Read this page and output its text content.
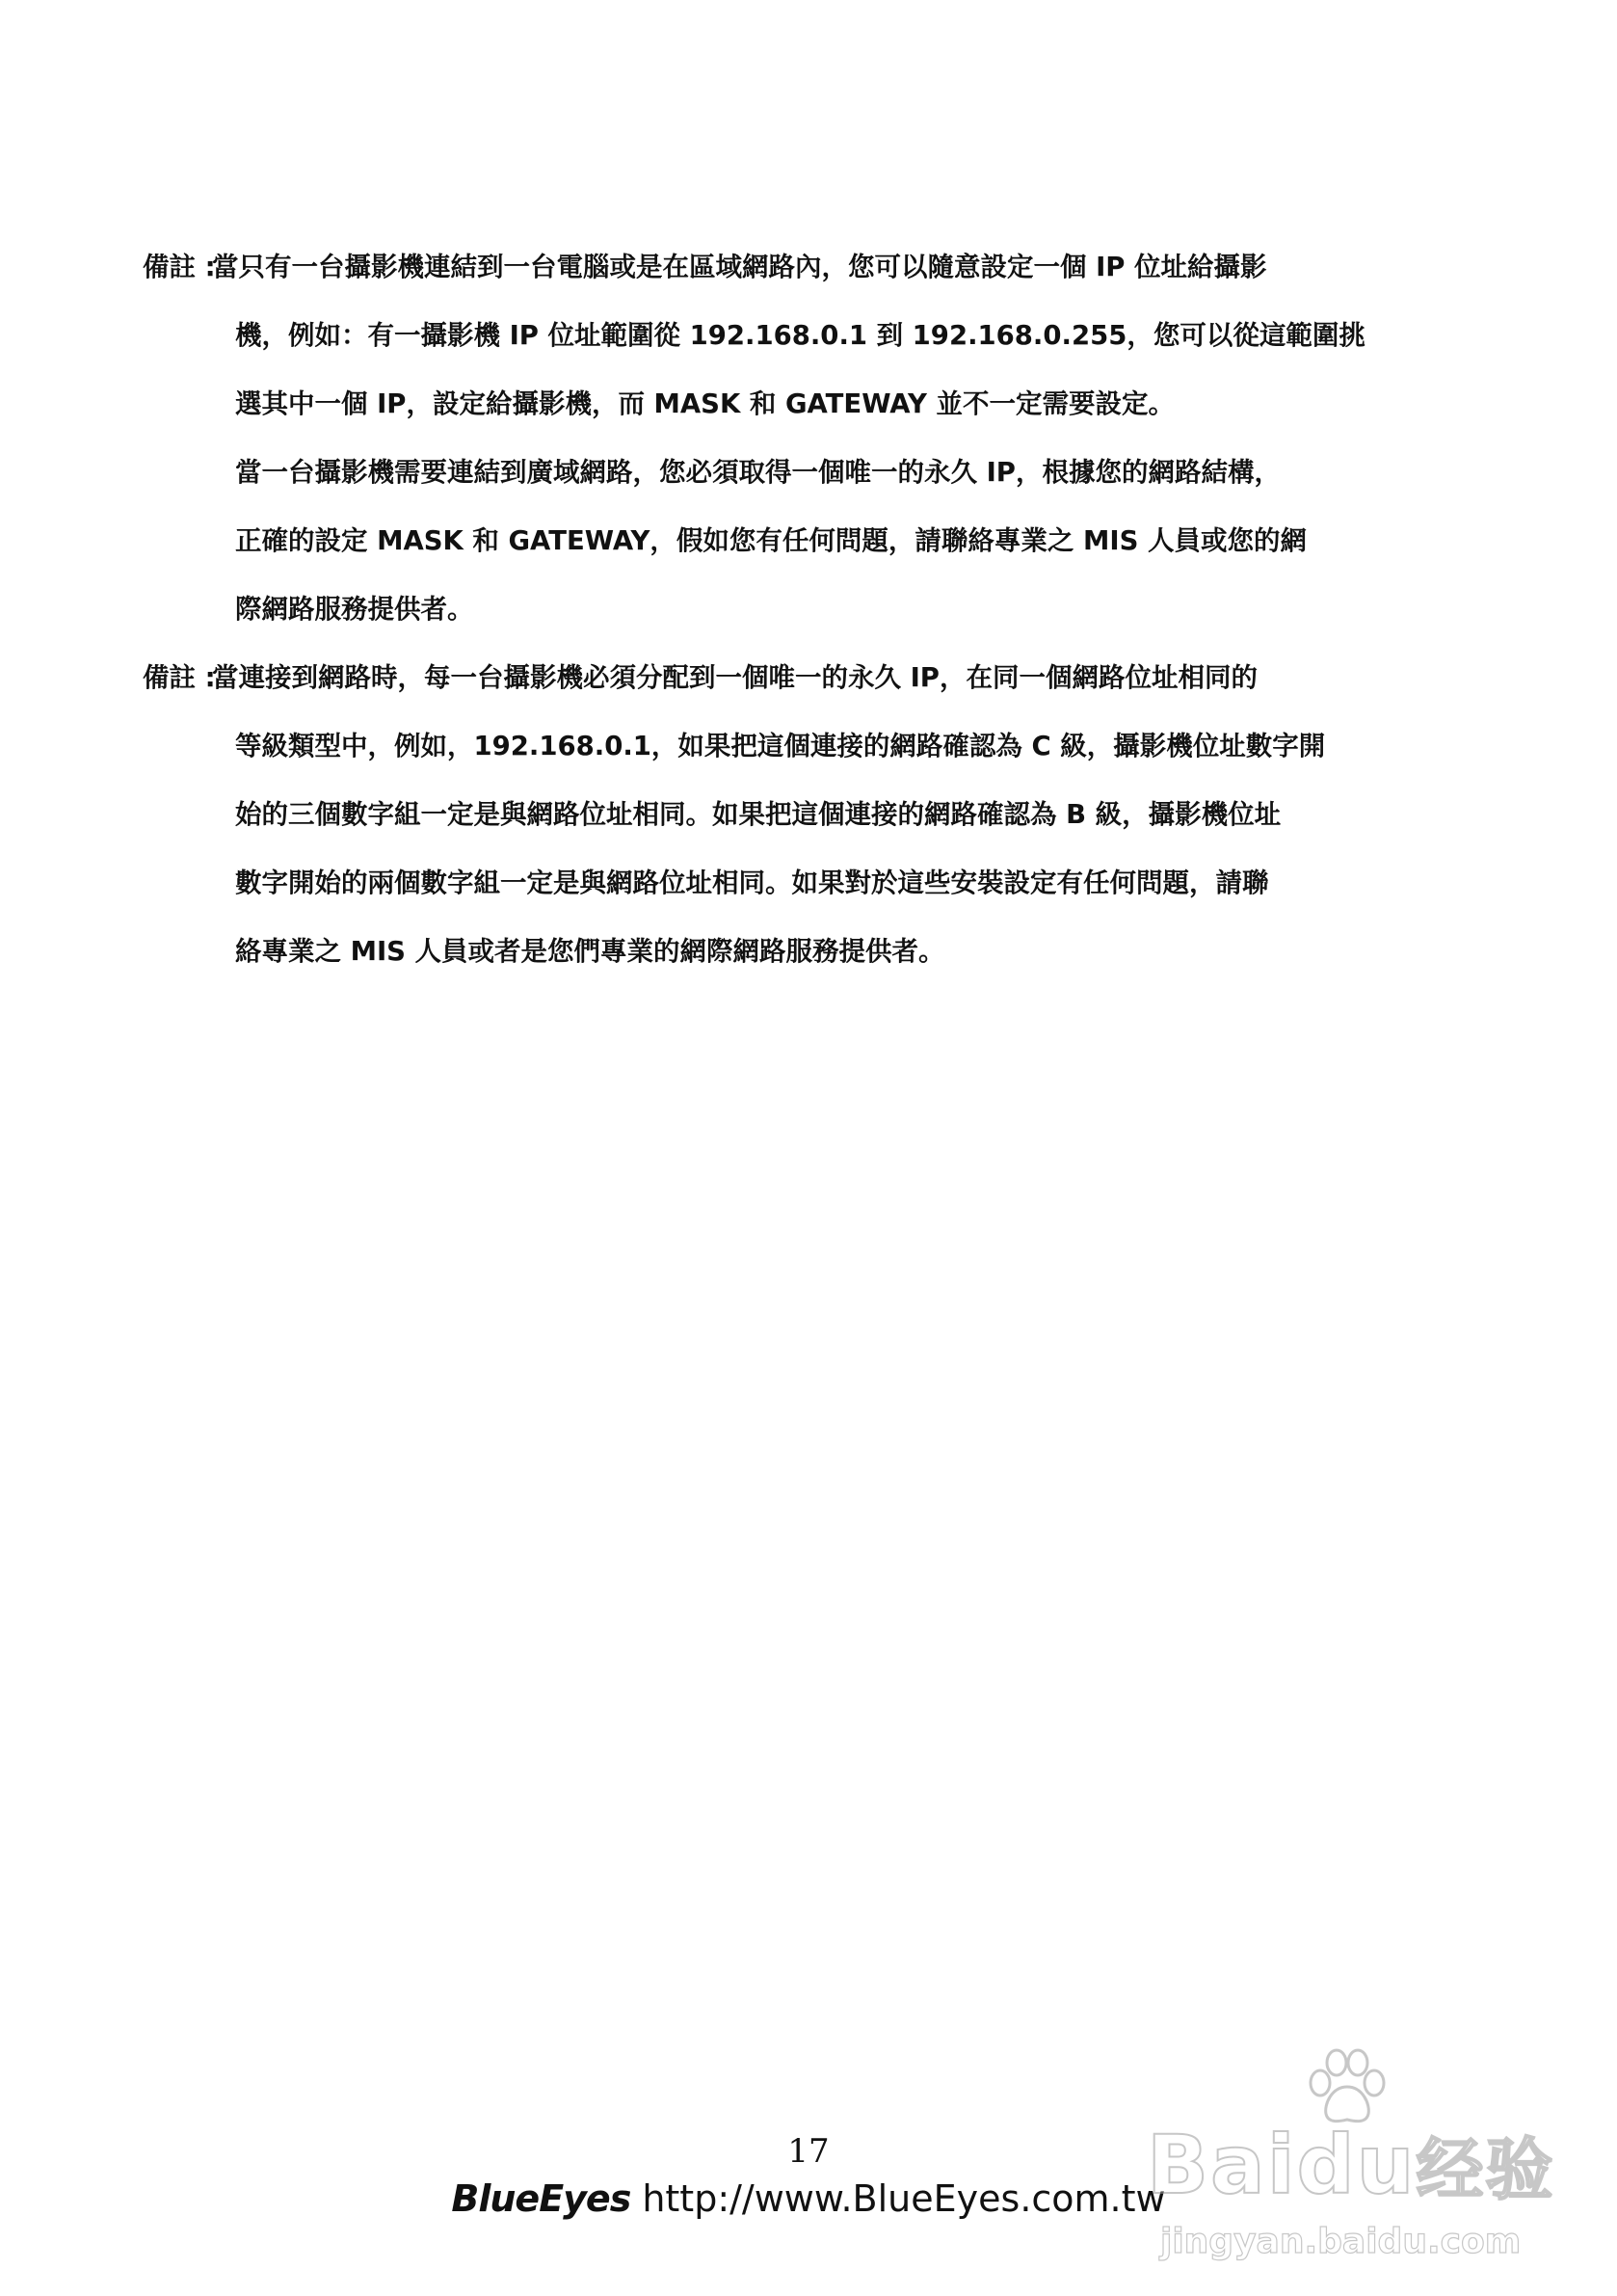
備註 :
當只有一台攝影機連結到一台電腦或是在區域網路內，您可以隨意設定一個 IP 位址給攝影
機，例如：有一攝影機 IP 位址範圍從 192.168.0.1 到 192.168.0.255，您可以從這範圍挑
選其中一個 IP，設定給攝影機，而 MASK 和 GATEWAY 並不一定需要設定。
當一台攝影機需要連結到廣域網路，您必須取得一個唯一的永久 IP，根據您的網路結構，
正確的設定 MASK 和 GATEWAY，假如您有任何問題，請聯絡專業之 MIS 人員或您的網
際網路服務提供者。
備註 :
當連接到網路時，每一台攝影機必須分配到一個唯一的永久 IP，在同一個網路位址相同的
等級類型中，例如，192.168.0.1，如果把這個連接的網路確認為 C 級，攝影機位址數字開
始的三個數字組一定是與網路位址相同。如果把這個連接的網路確認為 B 級，攝影機位址
數字開始的兩個數字組一定是與網路位址相同。如果對於這些安裝設定有任何問題，請聯
絡專業之 MIS 人員或者是您們專業的網際網路服務提供者。
17
BlueEyes http://www.BlueEyes.com.tw
Baidu经验
jingyan.baidu.com
